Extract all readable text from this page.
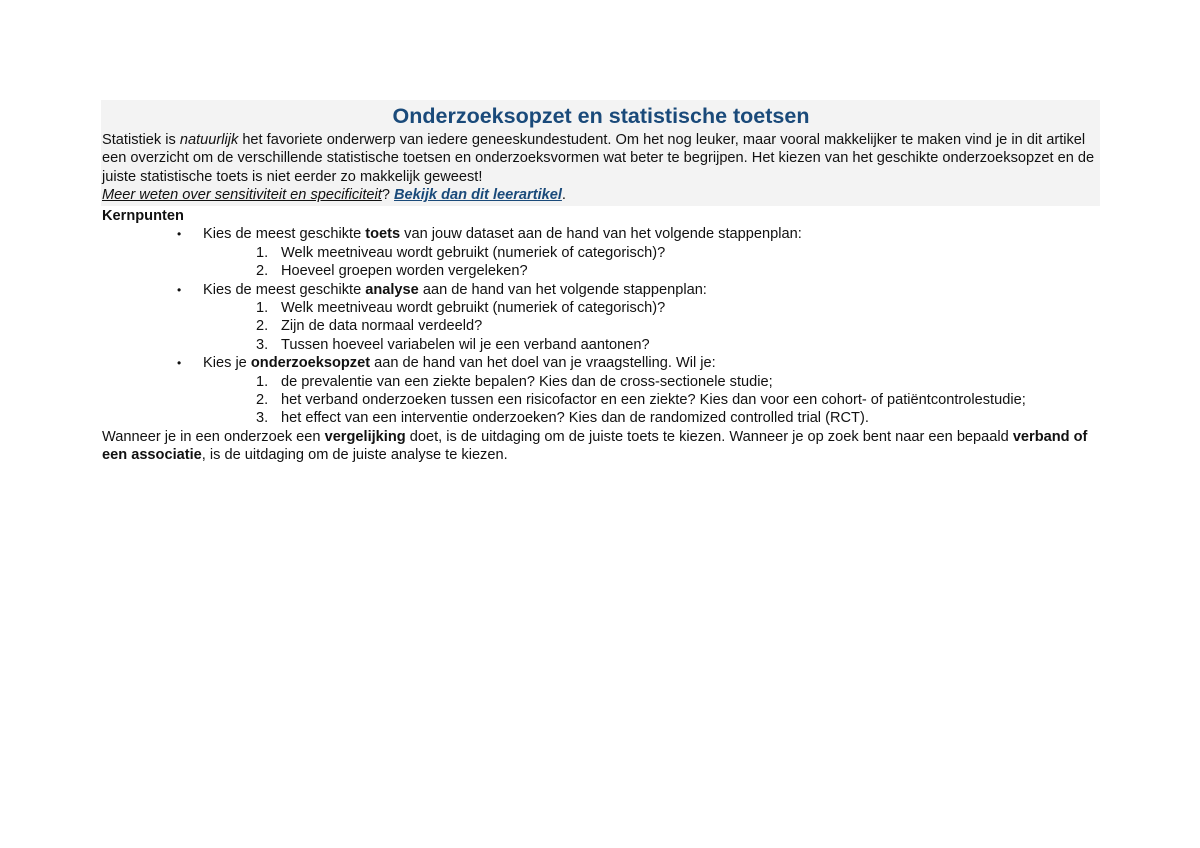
Onderzoeksopzet en statistische toetsen

Statistiek is natuurlijk het favoriete onderwerp van iedere geneeskundestudent. Om het nog leuker, maar vooral makkelijker te maken vind je in dit artikel een overzicht om de verschillende statistische toetsen en onderzoeksvormen wat beter te begrijpen. Het kiezen van het geschikte onderzoeksopzet en de juiste statistische toets is niet eerder zo makkelijk geweest!

Meer weten over sensitiviteit en specificiteit? Bekijk dan dit leerartikel.

Kernpunten
• Kies de meest geschikte toets van jouw dataset aan de hand van het volgende stappenplan:
1. Welk meetniveau wordt gebruikt (numeriek of categorisch)?
2. Hoeveel groepen worden vergeleken?
• Kies de meest geschikte analyse aan de hand van het volgende stappenplan:
1. Welk meetniveau wordt gebruikt (numeriek of categorisch)?
2. Zijn de data normaal verdeeld?
3. Tussen hoeveel variabelen wil je een verband aantonen?
• Kies je onderzoeksopzet aan de hand van het doel van je vraagstelling. Wil je:
1. de prevalentie van een ziekte bepalen? Kies dan de cross-sectionele studie;
2. het verband onderzoeken tussen een risicofactor en een ziekte? Kies dan voor een cohort- of patiëntcontrolestudie;
3. het effect van een interventie onderzoeken? Kies dan de randomized controlled trial (RCT).

Wanneer je in een onderzoek een vergelijking doet, is de uitdaging om de juiste toets te kiezen. Wanneer je op zoek bent naar een bepaald verband of een associatie, is de uitdaging om de juiste analyse te kiezen.
